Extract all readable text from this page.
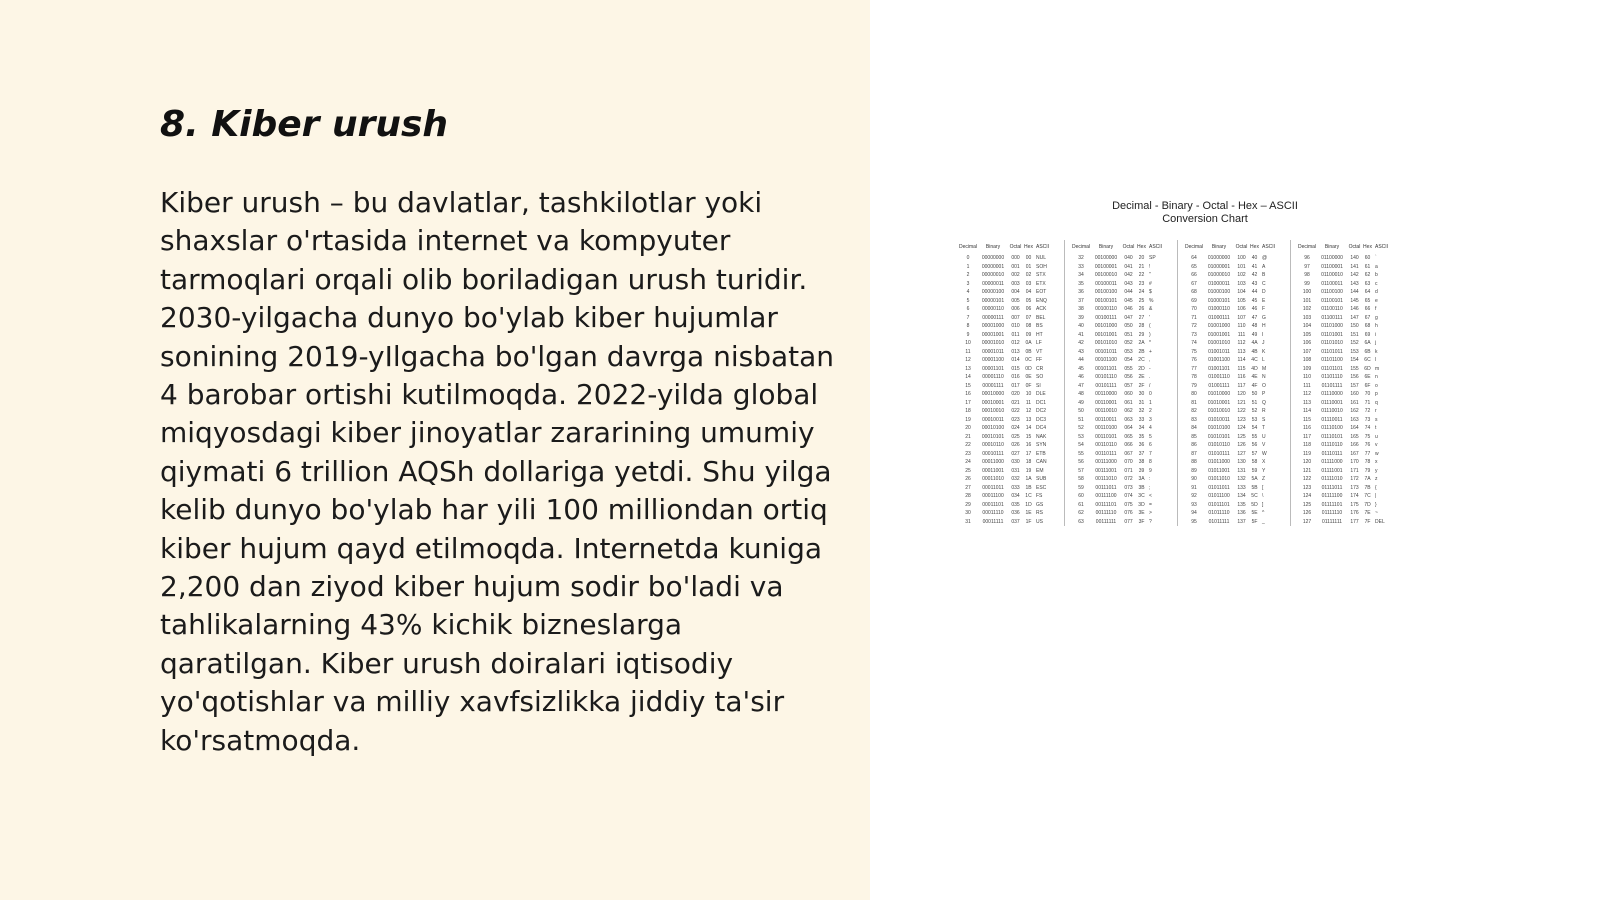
8. Kiber urush

Kiber urush – bu davlatlar, tashkilotlar yoki shaxslar o'rtasida internet va kompyuter tarmoqlari orqali olib boriladigan urush turidir. 2030-yilgacha dunyo bo'ylab kiber hujumlar sonining 2019-yIlgacha bo'lgan davrga nisbatan 4 barobar ortishi kutilmoqda. 2022-yilda global miqyosdagi kiber jinoyatlar zararining umumiy qiymati 6 trillion AQSh dollariga yetdi. Shu yilga kelib dunyo bo'ylab har yili 100 milliondan ortiq kiber hujum qayd etilmoqda. Internetda kuniga 2,200 dan ziyod kiber hujum sodir bo'ladi va tahlikalarning 43% kichik bizneslarga qaratilgan. Kiber urush doiralari iqtisodiy yo'qotishlar va milliy xavfsizlikka jiddiy ta'sir ko'rsatmoqda.

Decimal - Binary - Octal - Hex – ASCII
Conversion Chart
Decimal	Binary	Octal Hex ASCII
0	00000000	000	00 NUL
1	00000001	001	01 SOH
2	00000010	002	02 STX
3	00000011	003	03 ETX
4	00000100	004	04 EOT
5	00000101	005	05 ENQ
6	00000110	006	06 ACK
7	00000111	007	07 BEL
8	00001000	010	08 BS
9	00001001	011	09 HT
10	00001010	012	0A LF
11	00001011	013	0B VT
12	00001100	014	0C FF
13	00001101	015	0D CR
14	00001110	016	0E SO
15	00001111	017	0F SI
16	00010000	020	10 DLE
17	00010001	021	11 DC1
18	00010010	022	12 DC2
19	00010011	023	13 DC3
20	00010100	024	14 DC4
21	00010101	025	15 NAK
22	00010110	026	16 SYN
23	00010111	027	17 ETB
24	00011000	030	18 CAN
25	00011001	031	19 EM
26	00011010	032	1A SUB
27	00011011	033	1B ESC
28	00011100	034	1C FS
29	00011101	035	1D GS
30	00011110	036	1E RS
31	00011111	037	1F US
Decimal	Binary	Octal Hex ASCII
32	00100000	040	20 SP
33	00100001	041	21 !
34	00100010	042	22 "
35	00100011	043	23 #
36	00100100	044	24 $
37	00100101	045	25 %
38	00100110	046	26 &
39	00100111	047	27 '
40	00101000	050	28 (
41	00101001	051	29 )
42	00101010	052	2A *
43	00101011	053	2B +
44	00101100	054	2C ,
45	00101101	055	2D -
46	00101110	056	2E .
47	00101111	057	2F /
48	00110000	060	30 0
49	00110001	061	31 1
50	00110010	062	32 2
51	00110011	063	33 3
52	00110100	064	34 4
53	00110101	065	35 5
54	00110110	066	36 6
55	00110111	067	37 7
56	00111000	070	38 8
57	00111001	071	39 9
58	00111010	072	3A :
59	00111011	073	3B ;
60	00111100	074	3C <
61	00111101	075	3D =
62	00111110	076	3E >
63	00111111	077	3F ?
Decimal	Binary	Octal Hex ASCII
64	01000000	100	40 @
65	01000001	101	41 A
66	01000010	102	42 B
67	01000011	103	43 C
68	01000100	104	44 D
69	01000101	105	45 E
70	01000110	106	46 F
71	01000111	107	47 G
72	01001000	110	48 H
73	01001001	111	49 I
74	01001010	112	4A J
75	01001011	113	4B K
76	01001100	114	4C L
77	01001101	115	4D M
78	01001110	116	4E N
79	01001111	117	4F O
80	01010000	120	50 P
81	01010001	121	51 Q
82	01010010	122	52 R
83	01010011	123	53 S
84	01010100	124	54 T
85	01010101	125	55 U
86	01010110	126	56 V
87	01010111	127	57 W
88	01011000	130	58 X
89	01011001	131	59 Y
90	01011010	132	5A Z
91	01011011	133	5B [
92	01011100	134	5C \
93	01011101	135	5D ]
94	01011110	136	5E ^
95	01011111	137	5F _
Decimal	Binary	Octal Hex ASCII
96	01100000	140	60 `
97	01100001	141	61 a
98	01100010	142	62 b
99	01100011	143	63 c
100	01100100	144	64 d
101	01100101	145	65 e
102	01100110	146	66 f
103	01100111	147	67 g
104	01101000	150	68 h
105	01101001	151	69 i
106	01101010	152	6A j
107	01101011	153	6B k
108	01101100	154	6C l
109	01101101	155	6D m
110	01101110	156	6E n
111	01101111	157	6F o
112	01110000	160	70 p
113	01110001	161	71 q
114	01110010	162	72 r
115	01110011	163	73 s
116	01110100	164	74 t
117	01110101	165	75 u
118	01110110	166	76 v
119	01110111	167	77 w
120	01111000	170	78 x
121	01111001	171	79 y
122	01111010	172	7A z
123	01111011	173	7B {
124	01111100	174	7C |
125	01111101	175	7D }
126	01111110	176	7E ~
127	01111111	177	7F DEL
